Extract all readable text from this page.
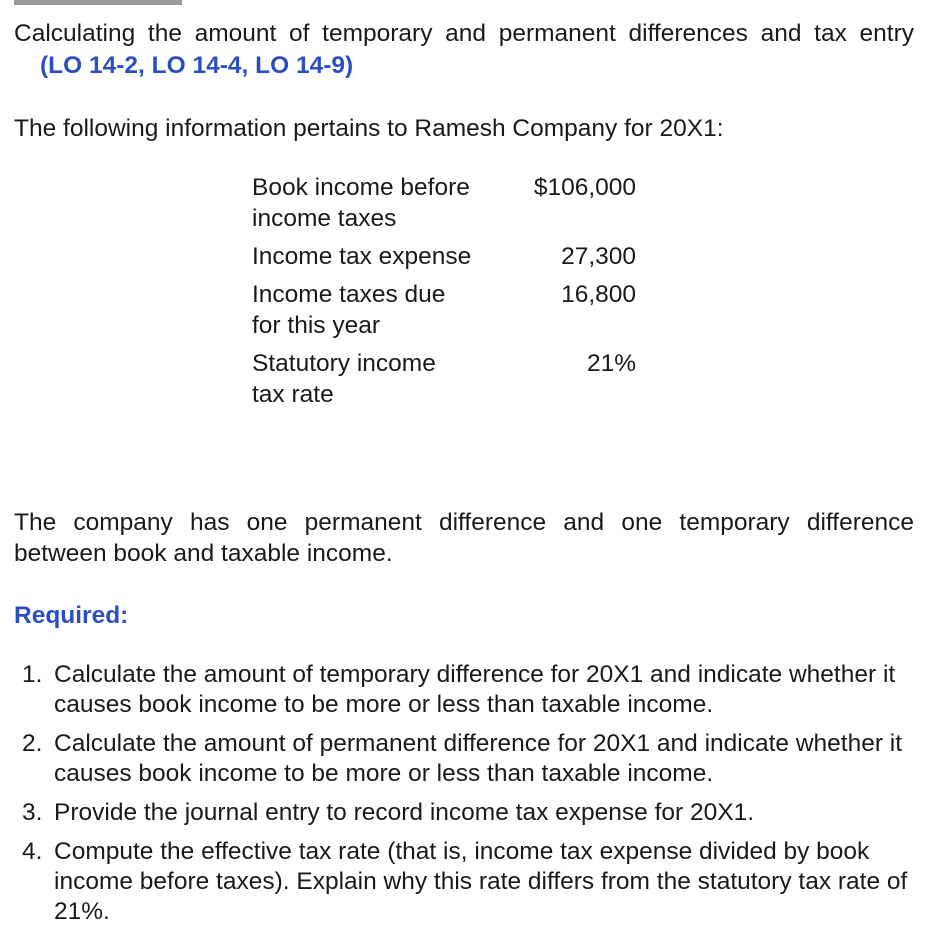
Calculating the amount of temporary and permanent differences and tax entry (LO 14-2, LO 14-4, LO 14-9)
The following information pertains to Ramesh Company for 20X1:
Book income before income taxes
$106,000
Income tax expense	27,300
Income taxes due for this year
16,800
Statutory income tax rate
21%
The company has one permanent difference and one temporary difference between book and taxable income.
Required:
1. Calculate the amount of temporary difference for 20X1 and indicate whether it causes book income to be more or less than taxable income.
2. Calculate the amount of permanent difference for 20X1 and indicate whether it causes book income to be more or less than taxable income.
3. Provide the journal entry to record income tax expense for 20X1.
4. Compute the effective tax rate (that is, income tax expense divided by book income before taxes). Explain why this rate differs from the statutory tax rate of 21%.
